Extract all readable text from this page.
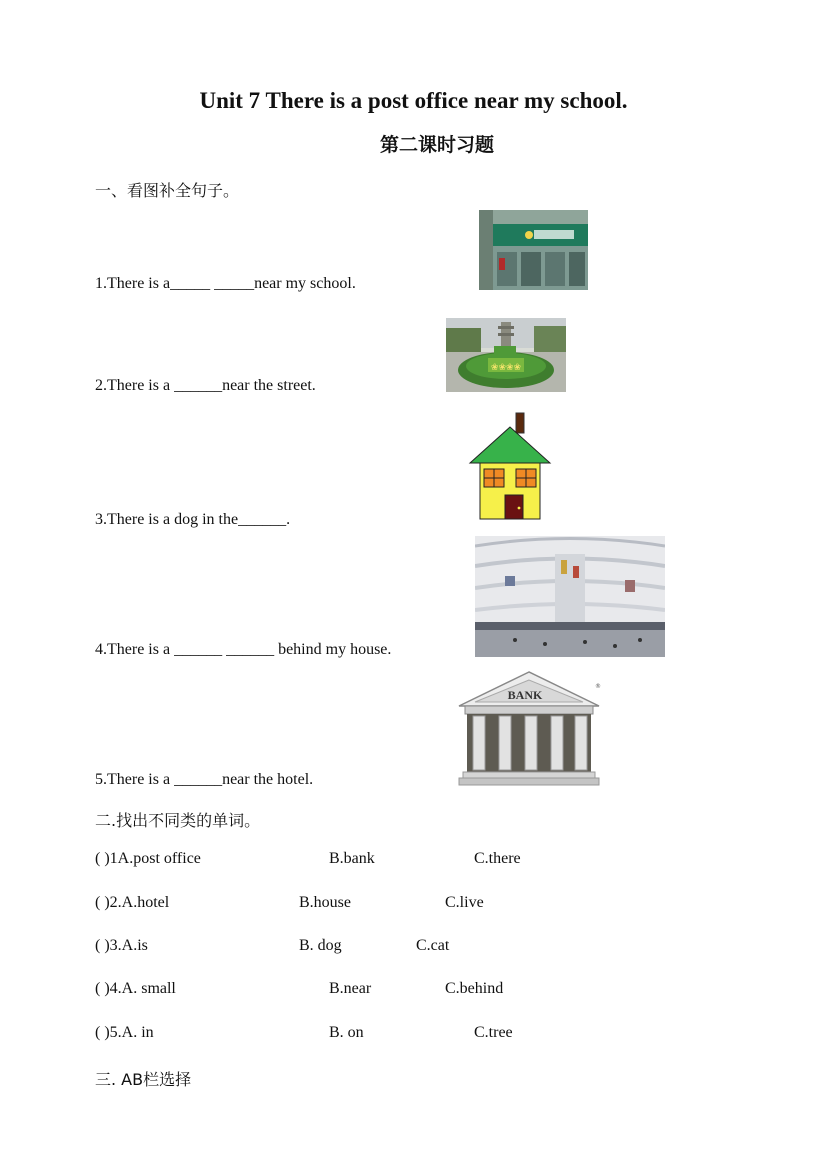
Unit 7 There is a post office near my school.
第二课时习题
一、看图补全句子。
1.There is a_____ _____near my school.
2.There is a ______near the street.
3.There is a dog in the______.
4.There is a ______ ______ behind my house.
5.There is a ______near the hotel.
❀❀❀❀
BANK
®
二.找出不同类的单词。
( )1A.post office	B.bank	C.there
( )2.A.hotel	B.house	C.live
( )3.A.is	B. dog	C.cat
( )4.A. small	B.near	C.behind
( )5.A. in	B. on	C.tree
三. AB栏选择
